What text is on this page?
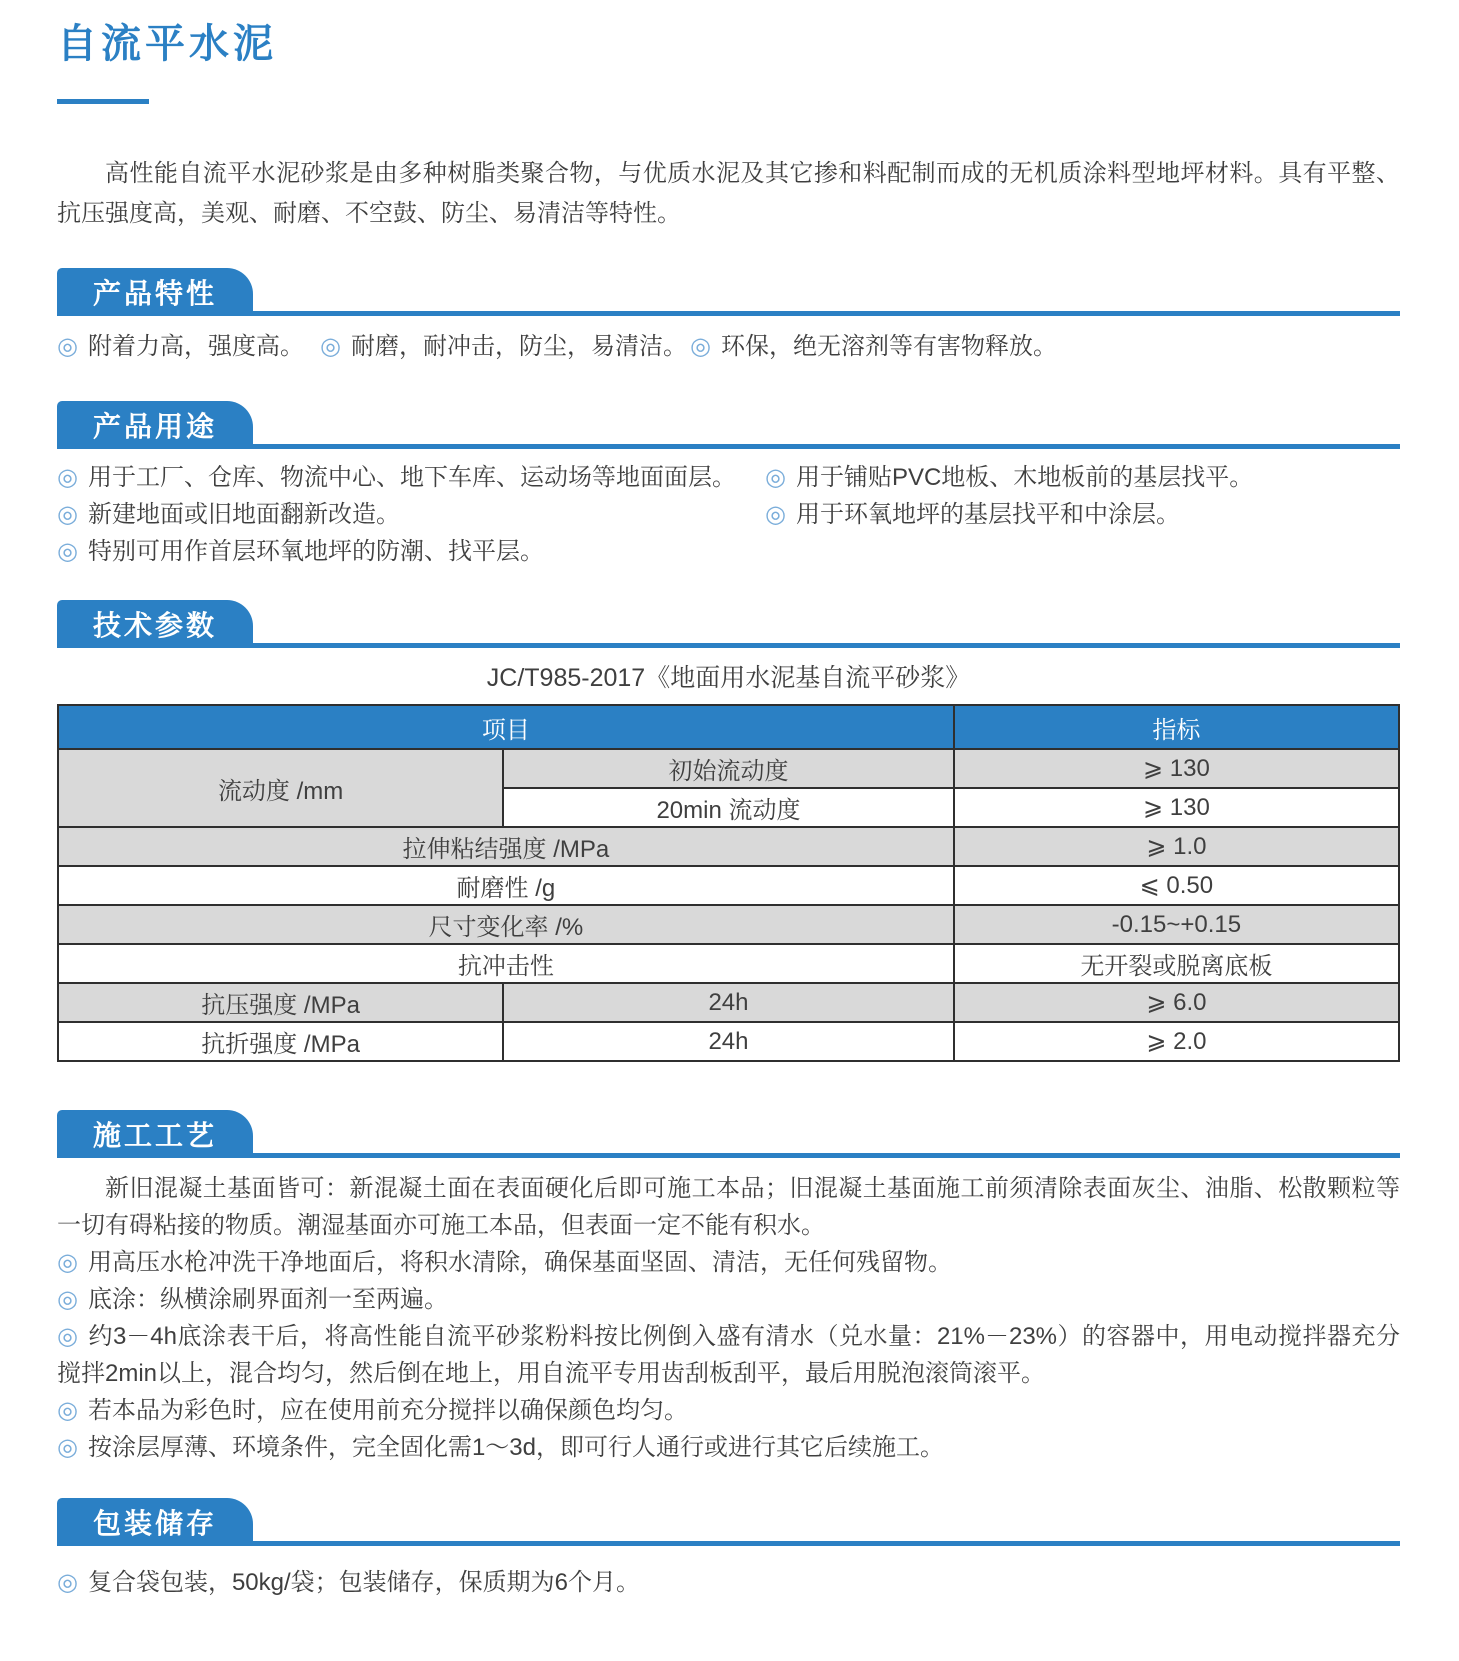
自流平水泥

高性能自流平水泥砂浆是由多种树脂类聚合物，与优质水泥及其它掺和料配制而成的无机质涂料型地坪材料。具有平整、抗压强度高，美观、耐磨、不空鼓、防尘、易清洁等特性。

产品特性
◎ 附着力高，强度高。 ◎ 耐磨，耐冲击，防尘，易清洁。 ◎ 环保，绝无溶剂等有害物释放。
产品用途
◎ 用于工厂、仓库、物流中心、地下车库、运动场等地面面层。
◎ 新建地面或旧地面翻新改造。
◎ 特别可用作首层环氧地坪的防潮、找平层。
◎ 用于铺贴PVC地板、木地板前的基层找平。
◎ 用于环氧地坪的基层找平和中涂层。
技术参数
JC/T985-2017《地面用水泥基自流平砂浆》
项目		指标
流动度 /mm	初始流动度	⩾ 130
	20min 流动度	⩾ 130
拉伸粘结强度 /MPa		⩾ 1.0
耐磨性 /g		⩽ 0.50
尺寸变化率 /%		-0.15~+0.15
抗冲击性		无开裂或脱离底板
抗压强度 /MPa	24h	⩾ 6.0
抗折强度 /MPa	24h	⩾ 2.0
施工工艺

新旧混凝土基面皆可：新混凝土面在表面硬化后即可施工本品；旧混凝土基面施工前须清除表面灰尘、油脂、松散颗粒等一切有碍粘接的物质。潮湿基面亦可施工本品，但表面一定不能有积水。

◎ 用高压水枪冲洗干净地面后，将积水清除，确保基面坚固、清洁，无任何残留物。
◎ 底涂：纵横涂刷界面剂一至两遍。
◎ 约3－4h底涂表干后，将高性能自流平砂浆粉料按比例倒入盛有清水（兑水量：21%－23%）的容器中，用电动搅拌器充分搅拌2min以上，混合均匀，然后倒在地上，用自流平专用齿刮板刮平，最后用脱泡滚筒滚平。
◎ 若本品为彩色时，应在使用前充分搅拌以确保颜色均匀。
◎ 按涂层厚薄、环境条件，完全固化需1～3d，即可行人通行或进行其它后续施工。
包装储存
◎ 复合袋包装，50kg/袋；包装储存，保质期为6个月。
